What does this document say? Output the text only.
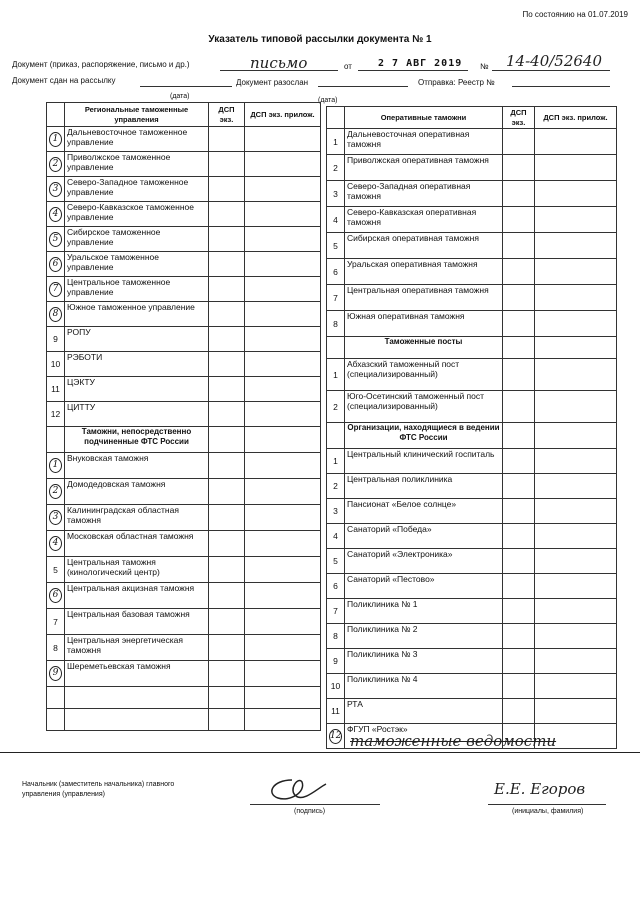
По состоянию на 01.07.2019
Указатель типовой рассылки документа № 1
Документ (приказ, распоряжение, письмо и др.)	письмо	от	2 7 АВГ 2019 № 14-40/52640
Документ сдан на рассылку	Документ разослан	Отправка: Реестр №
(дата)
(дата)
	Региональные таможенные управления	ДСП экз.	ДСП экз. прилож.
1	Дальневосточное таможенное управление		
2	Приволжское таможенное управление		
3	Северо-Западное таможенное управление		
4	Северо-Кавказское таможенное управление		
5	Сибирское таможенное управление		
6	Уральское таможенное управление		
7	Центральное таможенное управление		
8	Южное таможенное управление		
9	РОПУ		
10	РЭБОТИ		
11	ЦЭКТУ		
12	ЦИТТУ		
	Таможни, непосредственно подчиненные ФТС России		
1	Внуковская таможня		
2	Домодедовская таможня		
3	Калининградская областная таможня		
4	Московская областная таможня		
5	Центральная таможня (кинологический центр)		
6	Центральная акцизная таможня		
7	Центральная базовая таможня		
8	Центральная энергетическая таможня		
9	Шереметьевская таможня		

	Оперативные таможни	ДСП экз.	ДСП экз. прилож.
1	Дальневосточная оперативная таможня		
2	Приволжская оперативная таможня		
3	Северо-Западная оперативная таможня		
4	Северо-Кавказская оперативная таможня		
5	Сибирская оперативная таможня		
6	Уральская оперативная таможня		
7	Центральная оперативная таможня		
8	Южная оперативная таможня		
	Таможенные посты		
1	Абхазский таможенный пост (специализированный)		
2	Юго-Осетинский таможенный пост (специализированный)		
	Организации, находящиеся в ведении ФТС России		
1	Центральный клинический госпиталь		
2	Центральная поликлиника		
3	Пансионат «Белое солнце»		
4	Санаторий «Победа»		
5	Санаторий «Электроника»		
6	Санаторий «Пестово»		
7	Поликлиника № 1		
8	Поликлиника № 2		
9	Поликлиника № 3		
10	Поликлиника № 4		
11	РТА		
12	ФГУП «Ростэк»		
таможенные ведомости
Начальник (заместитель начальника) главного управления (управления)
(подпись)
Е.Е. Егоров
(инициалы, фамилия)
